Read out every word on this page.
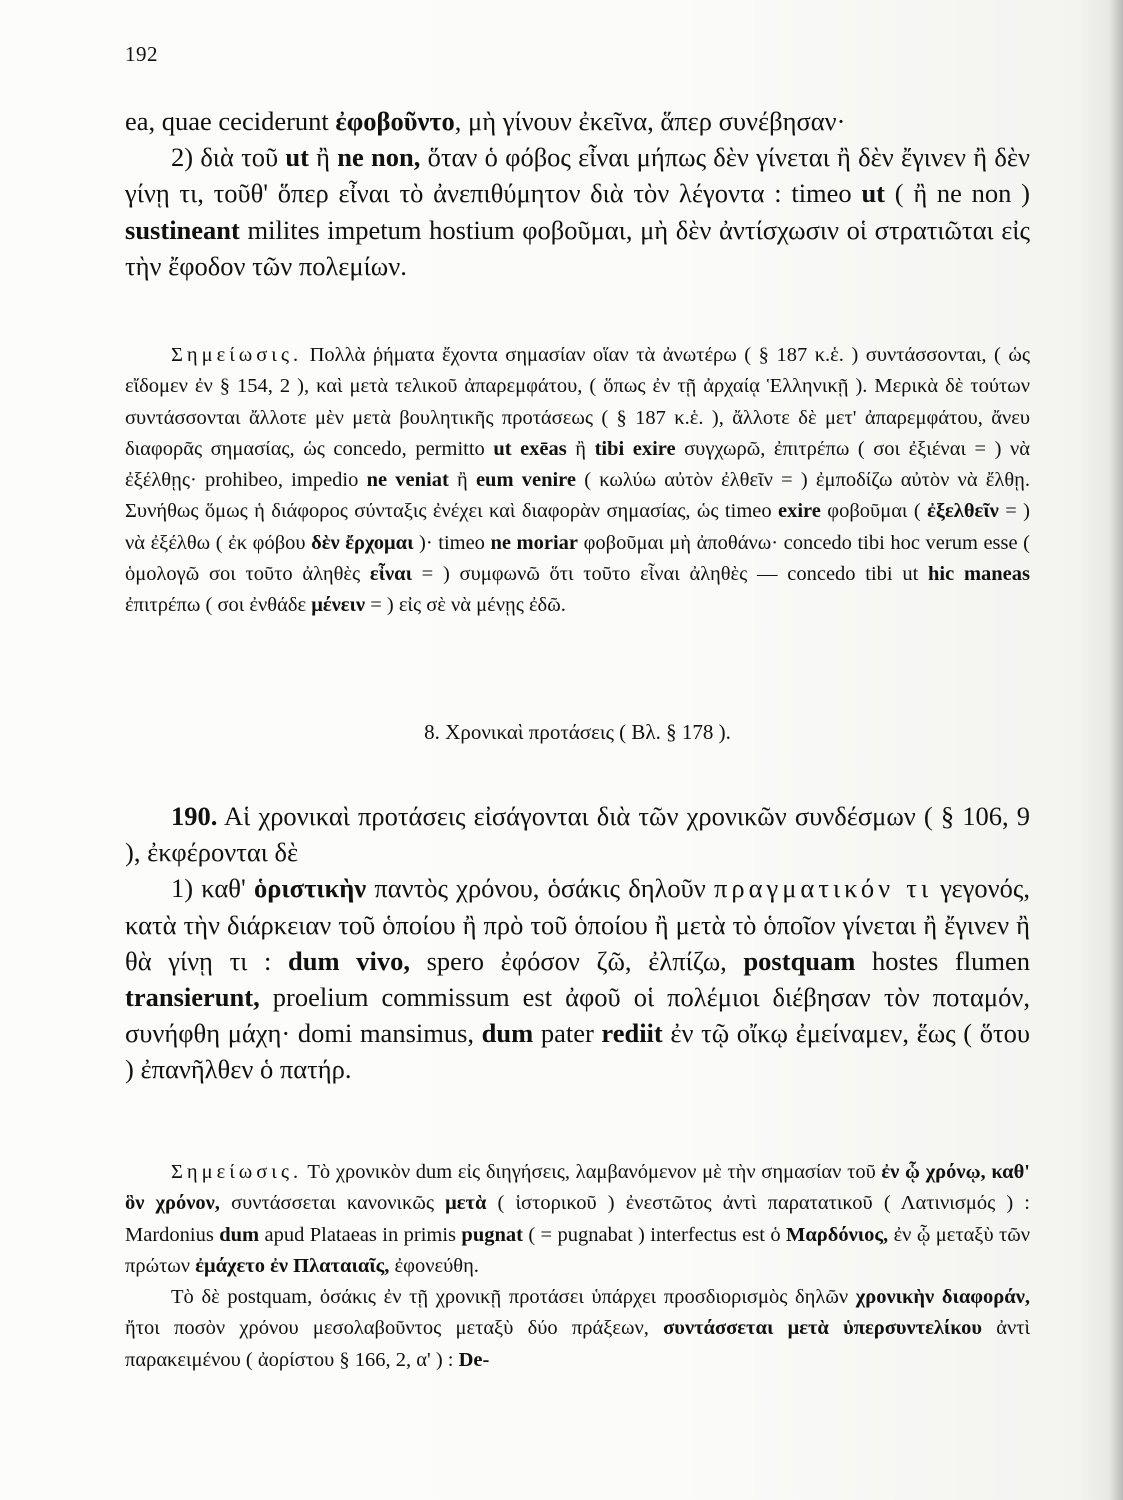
192

ea, quae ceciderunt ἐφοβοῦντο, μὴ γίνουν ἐκεῖνα, ἅπερ συνέβησαν·

2) διὰ τοῦ ut ἢ ne non, ὅταν ὁ φόβος εἶναι μήπως δὲν γίνεται ἢ δὲν ἔγινεν ἢ δὲν γίνῃ τι, τοῦθ' ὅπερ εἶναι τὸ ἀνεπιθύμητον διὰ τὸν λέγοντα : timeo ut ( ἢ ne non ) sustineant milites impetum hostium φοβοῦμαι, μὴ δὲν ἀντίσχωσιν οἱ στρατιῶται εἰς τὴν ἔφοδον τῶν πολεμίων.

Σημείωσις. Πολλὰ ῥήματα ἔχοντα σημασίαν οἵαν τὰ ἀνωτέρω ( § 187 κ.ἑ. ) συντάσσονται, ( ὡς εἴδομεν ἐν § 154, 2 ), καὶ μετὰ τελικοῦ ἀπαρεμφάτου, ( ὅπως ἐν τῇ ἀρχαίᾳ Ἑλληνικῇ ). Μερικὰ δὲ τούτων συντάσσονται ἄλλοτε μὲν μετὰ βουλητικῆς προτάσεως ( § 187 κ.ἑ. ), ἄλλοτε δὲ μετ' ἀπαρεμφάτου, ἄνευ διαφορᾶς σημασίας, ὡς concedo, permitto ut exēas ἢ tibi exire συγχωρῶ, ἐπιτρέπω ( σοι ἐξιέναι = ) νὰ ἐξέλθῃς· prohibeo, impedio ne veniat ἢ eum venire ( κωλύω αὐτὸν ἐλθεῖν = ) ἐμποδίζω αὐτὸν νὰ ἔλθῃ. Συνήθως ὅμως ἡ διάφορος σύνταξις ἐνέχει καὶ διαφορὰν σημασίας, ὡς timeo exire φοβοῦμαι ( ἐξελθεῖν = ) νὰ ἐξέλθω ( ἐκ φόβου δὲν ἔρχομαι )· timeo ne moriar φοβοῦμαι μὴ ἀποθάνω· concedo tibi hoc verum esse ( ὁμολογῶ σοι τοῦτο ἀληθὲς εἶναι = ) συμφωνῶ ὅτι τοῦτο εἶναι ἀληθὲς — concedo tibi ut hic maneas ἐπιτρέπω ( σοι ἐνθάδε μένειν = ) εἰς σὲ νὰ μένῃς ἐδῶ.

8. Χρονικαὶ προτάσεις ( Βλ. § 178 ).

190. Αἱ χρονικαὶ προτάσεις εἰσάγονται διὰ τῶν χρονικῶν συνδέσμων ( § 106, 9 ), ἐκφέρονται δὲ

1) καθ' ὁριστικὴν παντὸς χρόνου, ὁσάκις δηλοῦν πραγματικόν τι γεγονός, κατὰ τὴν διάρκειαν τοῦ ὁποίου ἢ πρὸ τοῦ ὁποίου ἢ μετὰ τὸ ὁποῖον γίνεται ἢ ἔγινεν ἢ θὰ γίνῃ τι : dum vivo, spero ἐφόσον ζῶ, ἐλπίζω, postquam hostes flumen transierunt, proelium commissum est ἀφοῦ οἱ πολέμιοι διέβησαν τὸν ποταμόν, συνήφθη μάχη· domi mansimus, dum pater rediit ἐν τῷ οἴκῳ ἐμείναμεν, ἕως ( ὅτου ) ἐπανῆλθεν ὁ πατήρ.

Σημείωσις. Τὸ χρονικὸν dum εἰς διηγήσεις, λαμβανόμενον μὲ τὴν σημασίαν τοῦ ἐν ᾧ χρόνῳ, καθ' ὃν χρόνον, συντάσσεται κανονικῶς μετὰ ( ἱστορικοῦ ) ἐνεστῶτος ἀντὶ παρατατικοῦ ( Λατινισμός ) : Mardonius dum apud Plataeas in primis pugnat ( = pugnabat ) interfectus est ὁ Μαρδόνιος, ἐν ᾧ μεταξὺ τῶν πρώτων ἐμάχετο ἐν Πλαταιαῖς, ἐφονεύθη.

Τὸ δὲ postquam, ὁσάκις ἐν τῇ χρονικῇ προτάσει ὑπάρχει προσδιορισμὸς δηλῶν χρονικὴν διαφοράν, ἤτοι ποσὸν χρόνου μεσολαβοῦντος μεταξὺ δύο πράξεων, συντάσσεται μετὰ ὑπερσυντελίκου ἀντὶ παρακειμένου ( ἀορίστου § 166, 2, α' ) : De-
